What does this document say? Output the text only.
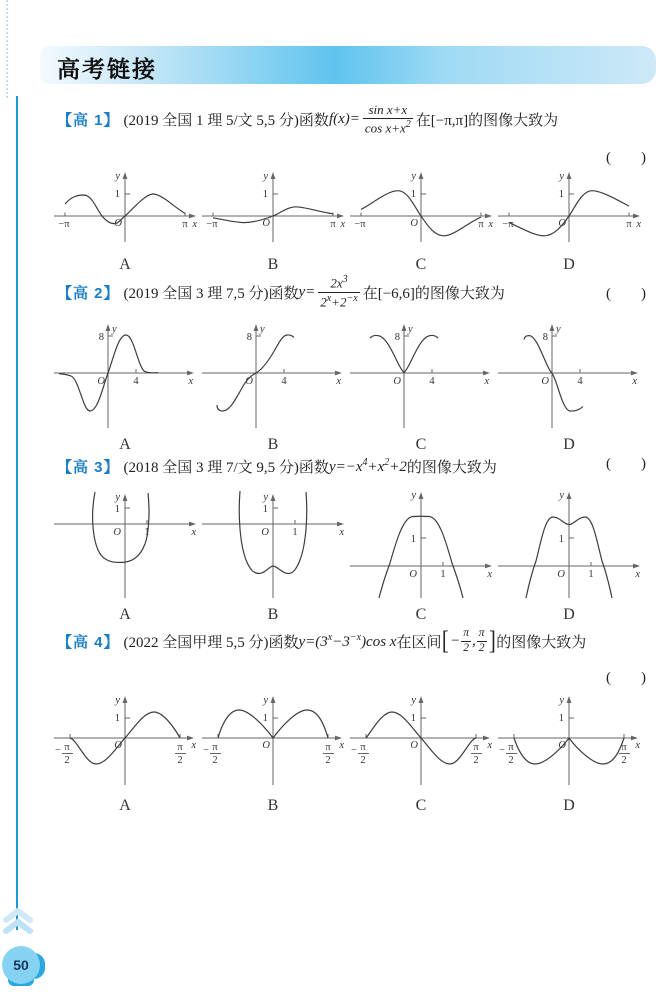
高考链接
【高 1】 (2019 全国 1 理 5/文 5,5 分)函数 $f(x)= \frac{\text{sin x+x}}{\cos x+x^2}$ 在[−π,π]的图像大致为
(        )
y
1
−π	O	π x
A
y
1
−π	O	π x
B
y
1
−π	O	π x
C
y
1
−π	O	π x
D
【高 2】 (2019 全国 3 理 7,5 分)函数 $y= \frac{2x^3}{2^x+2^{-x}}$ 在[−6,6]的图像大致为	(        )
y
8
O	4	x
A
y
8
O	4	x
B
y
8
O	4	x
C
y
8
O	4	x
D
【高 3】 (2018 全国 3 理 7/文 9,5 分)函数 $y=-x^4+x^2+2$ 的图像大致为	(        )
y
1
O 1	x
A
y
1
O 1	x
B
y
1
O 1	x
C
y
1
O 1	x
D
【高 4】 (2022 全国甲理 5,5 分)函数 $y=(3^x-3^{-x})\cos$ x 在区间 [ − $\frac{\pi}{2}$ , π
2 ] 的图像大致为
(        )
y
1
− π
2
O	π
2
x
A
y
1
− π
2
O	π
2
x
B
y
1
− π
2
O	π
2
x
C
y
1
− π
2
O	π
2
x
D
50
